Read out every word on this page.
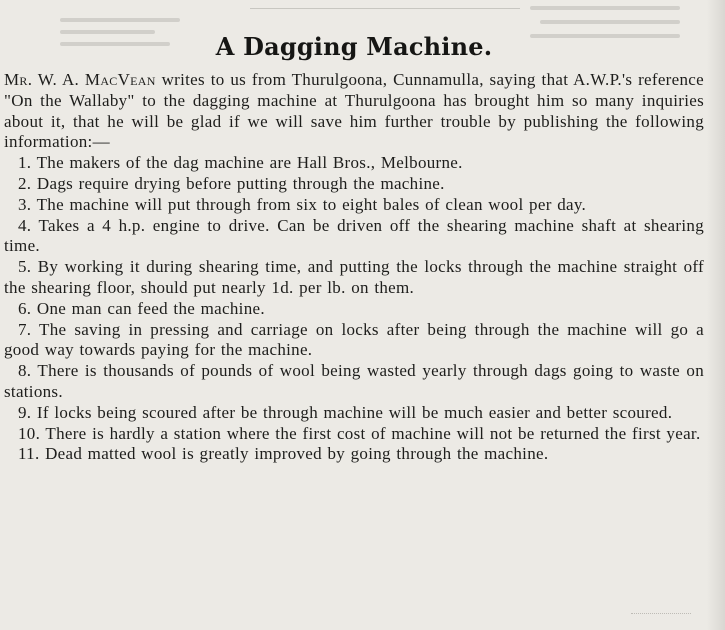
A Dagging Machine.

Mr. W. A. MacVean writes to us from Thurulgoona, Cunnamulla, saying that A.W.P.'s reference "On the Wallaby" to the dagging machine at Thurulgoona has brought him so many inquiries about it, that he will be glad if we will save him further trouble by publishing the following information:—

1. The makers of the dag machine are Hall Bros., Melbourne.

2. Dags require drying before putting through the machine.

3. The machine will put through from six to eight bales of clean wool per day.

4. Takes a 4 h.p. engine to drive. Can be driven off the shearing machine shaft at shearing time.

5. By working it during shearing time, and putting the locks through the machine straight off the shearing floor, should put nearly 1d. per lb. on them.

6. One man can feed the machine.

7. The saving in pressing and carriage on locks after being through the machine will go a good way towards paying for the machine.

8. There is thousands of pounds of wool being wasted yearly through dags going to waste on stations.

9. If locks being scoured after be through machine will be much easier and better scoured.

10. There is hardly a station where the first cost of machine will not be returned the first year.

11. Dead matted wool is greatly improved by going through the machine.
